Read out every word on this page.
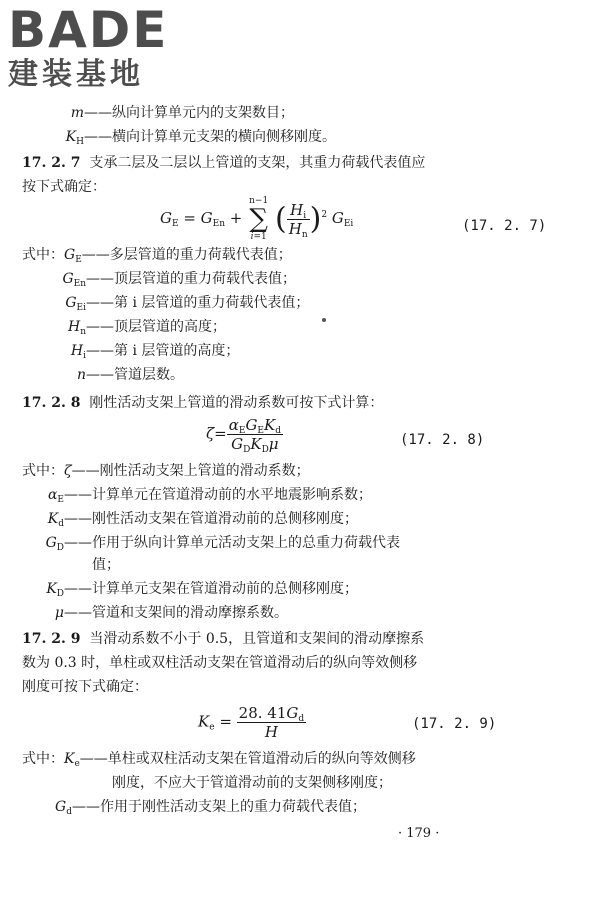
BADE
建装基地
m——纵向计算单元内的支架数目；
$K_H——$横向计算单元支架的横向侧移刚度。
17. 2. 7 支承二层及二层以上管道的支架，其重力荷载代表值应
按下式确定：
$G_E = G_{En} + n-1$
∑
i=1 ( $\frac{H_i}{H_n} )^2$ $G_{Ei}$	(17. 2. 7)
式中：$G_E——$多层管道的重力荷载代表值；
$G_{En}——$顶层管道的重力荷载代表值；
$G_{Ei}——$第 i 层管道的重力荷载代表值；
$H_n——$顶层管道的高度；
$H_i——$第 i 层管道的高度；
n——管道层数。
17. 2. 8 刚性活动支架上管道的滑动系数可按下式计算：
$\zeta= \frac{\alpha_EG_EK_d}{G_DK_D\mu}$	(17. 2. 8)
式中：ζ——刚性活动支架上管道的滑动系数；
$\alpha_E——$计算单元在管道滑动前的水平地震影响系数；
$K_d——$刚性活动支架在管道滑动前的总侧移刚度；
$G_D——$作用于纵向计算单元活动支架上的总重力荷载代表
值；
$K_D——$计算单元支架在管道滑动前的总侧移刚度；
μ——管道和支架间的滑动摩擦系数。
17. 2. 9 当滑动系数不小于 0.5，且管道和支架间的滑动摩擦系
数为 0.3 时，单柱或双柱活动支架在管道滑动后的纵向等效侧移
刚度可按下式确定：
$K_e = \frac{28. 41G_d}{H}$	(17. 2. 9)
式中：$K_e——$单柱或双柱活动支架在管道滑动后的纵向等效侧移
刚度，不应大于管道滑动前的支架侧移刚度；
$G_d——$作用于刚性活动支架上的重力荷载代表值；
· 179 ·
